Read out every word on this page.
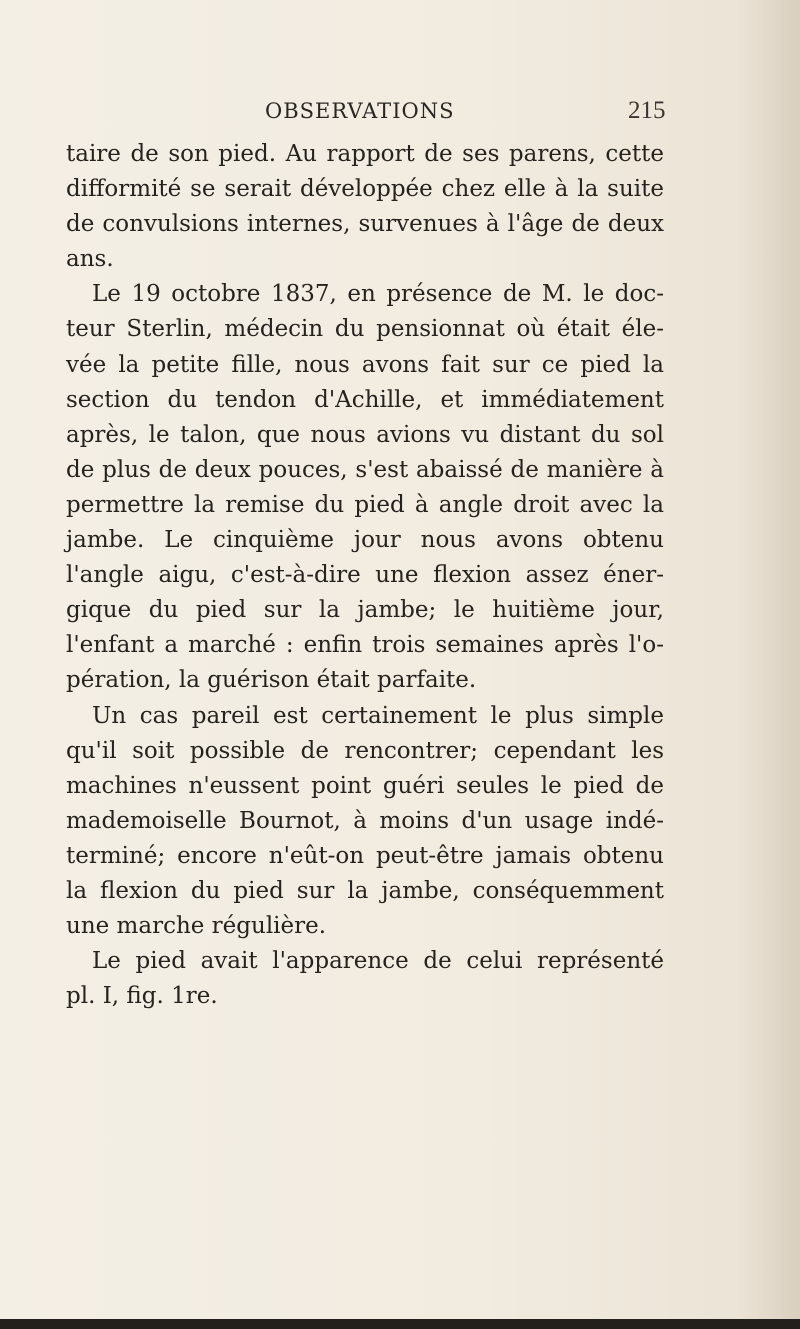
OBSERVATIONS	215
taire de son pied. Au rapport de ses parens, cette
difformité se serait développée chez elle à la suite
de convulsions internes, survenues à l'âge de deux
ans.
Le 19 octobre 1837, en présence de M. le doc-
teur Sterlin, médecin du pensionnat où était éle-
vée la petite fille, nous avons fait sur ce pied la
section du tendon d'Achille, et immédiatement
après, le talon, que nous avions vu distant du sol
de plus de deux pouces, s'est abaissé de manière à
permettre la remise du pied à angle droit avec la
jambe. Le cinquième jour nous avons obtenu
l'angle aigu, c'est-à-dire une flexion assez éner-
gique du pied sur la jambe; le huitième jour,
l'enfant a marché : enfin trois semaines après l'o-
pération, la guérison était parfaite.
Un cas pareil est certainement le plus simple
qu'il soit possible de rencontrer; cependant les
machines n'eussent point guéri seules le pied de
mademoiselle Bournot, à moins d'un usage indé-
terminé; encore n'eût-on peut-être jamais obtenu
la flexion du pied sur la jambe, conséquemment
une marche régulière.
Le pied avait l'apparence de celui représenté
pl. I, fig. 1re.
